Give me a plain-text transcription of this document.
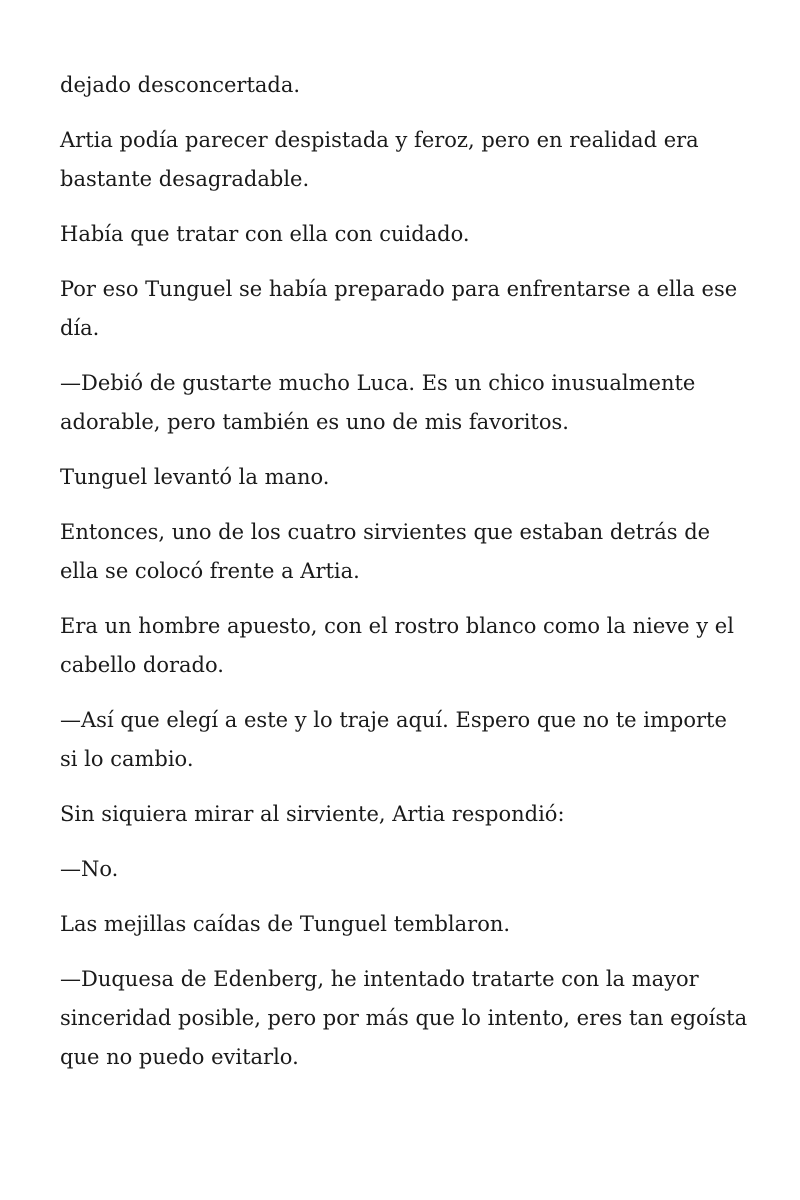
dejado desconcertada.

Artia podía parecer despistada y feroz, pero en realidad era bastante desagradable.

Había que tratar con ella con cuidado.

Por eso Tunguel se había preparado para enfrentarse a ella ese día.

—Debió de gustarte mucho Luca. Es un chico inusualmente adorable, pero también es uno de mis favoritos.

Tunguel levantó la mano.

Entonces, uno de los cuatro sirvientes que estaban detrás de ella se colocó frente a Artia.

Era un hombre apuesto, con el rostro blanco como la nieve y el cabello dorado.

—Así que elegí a este y lo traje aquí. Espero que no te importe si lo cambio.

Sin siquiera mirar al sirviente, Artia respondió:

—No.

Las mejillas caídas de Tunguel temblaron.

—Duquesa de Edenberg, he intentado tratarte con la mayor sinceridad posible, pero por más que lo intento, eres tan egoísta que no puedo evitarlo.
